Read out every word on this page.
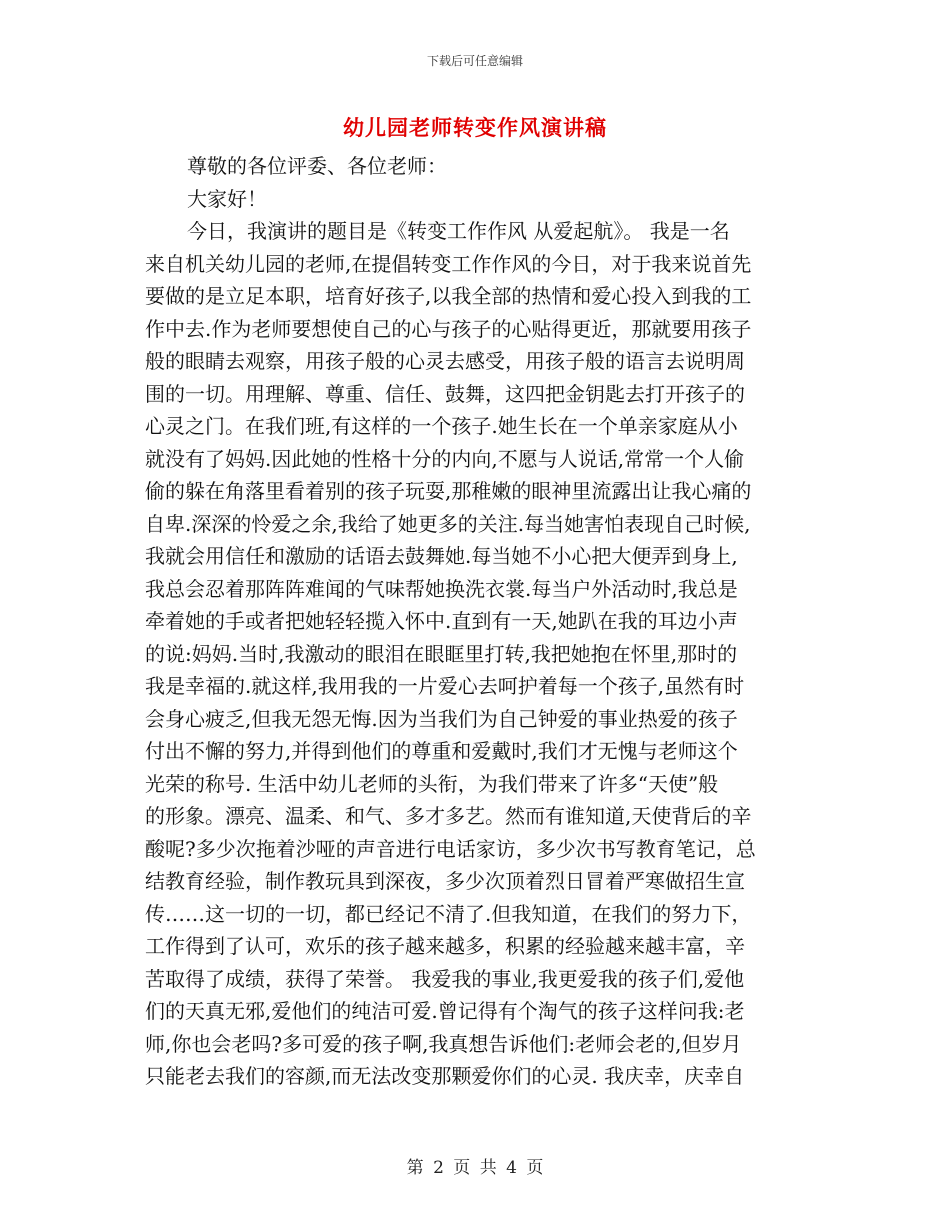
下载后可任意编辑
幼儿园老师转变作风演讲稿
尊敬的各位评委、各位老师：
大家好！
今日，我演讲的题目是《转变工作作风 从爱起航》。 我是一名
来自机关幼儿园的老师,在提倡转变工作作风的今日，对于我来说首先
要做的是立足本职，培育好孩子,以我全部的热情和爱心投入到我的工
作中去.作为老师要想使自己的心与孩子的心贴得更近，那就要用孩子
般的眼睛去观察，用孩子般的心灵去感受，用孩子般的语言去说明周
围的一切。用理解、尊重、信任、鼓舞，这四把金钥匙去打开孩子的
心灵之门。在我们班,有这样的一个孩子.她生长在一个单亲家庭从小
就没有了妈妈.因此她的性格十分的内向,不愿与人说话,常常一个人偷
偷的躲在角落里看着别的孩子玩耍,那稚嫩的眼神里流露出让我心痛的
自卑.深深的怜爱之余,我给了她更多的关注.每当她害怕表现自己时候,
我就会用信任和激励的话语去鼓舞她.每当她不小心把大便弄到身上,
我总会忍着那阵阵难闻的气味帮她换洗衣裳.每当户外活动时,我总是
牵着她的手或者把她轻轻揽入怀中.直到有一天,她趴在我的耳边小声
的说:妈妈.当时,我激动的眼泪在眼眶里打转,我把她抱在怀里,那时的
我是幸福的.就这样,我用我的一片爱心去呵护着每一个孩子,虽然有时
会身心疲乏,但我无怨无悔.因为当我们为自己钟爱的事业热爱的孩子
付出不懈的努力,并得到他们的尊重和爱戴时,我们才无愧与老师这个
光荣的称号. 生活中幼儿老师的头衔，为我们带来了许多“天使”般
的形象。漂亮、温柔、和气、多才多艺。然而有谁知道,天使背后的辛
酸呢?多少次拖着沙哑的声音进行电话家访，多少次书写教育笔记，总
结教育经验，制作教玩具到深夜，多少次顶着烈日冒着严寒做招生宣
传……这一切的一切，都已经记不清了.但我知道，在我们的努力下，
工作得到了认可，欢乐的孩子越来越多，积累的经验越来越丰富，辛
苦取得了成绩，获得了荣誉。 我爱我的事业,我更爱我的孩子们,爱他
们的天真无邪,爱他们的纯洁可爱.曾记得有个淘气的孩子这样问我:老
师,你也会老吗?多可爱的孩子啊,我真想告诉他们:老师会老的,但岁月
只能老去我们的容颜,而无法改变那颗爱你们的心灵. 我庆幸，庆幸自
第 2 页 共 4 页
